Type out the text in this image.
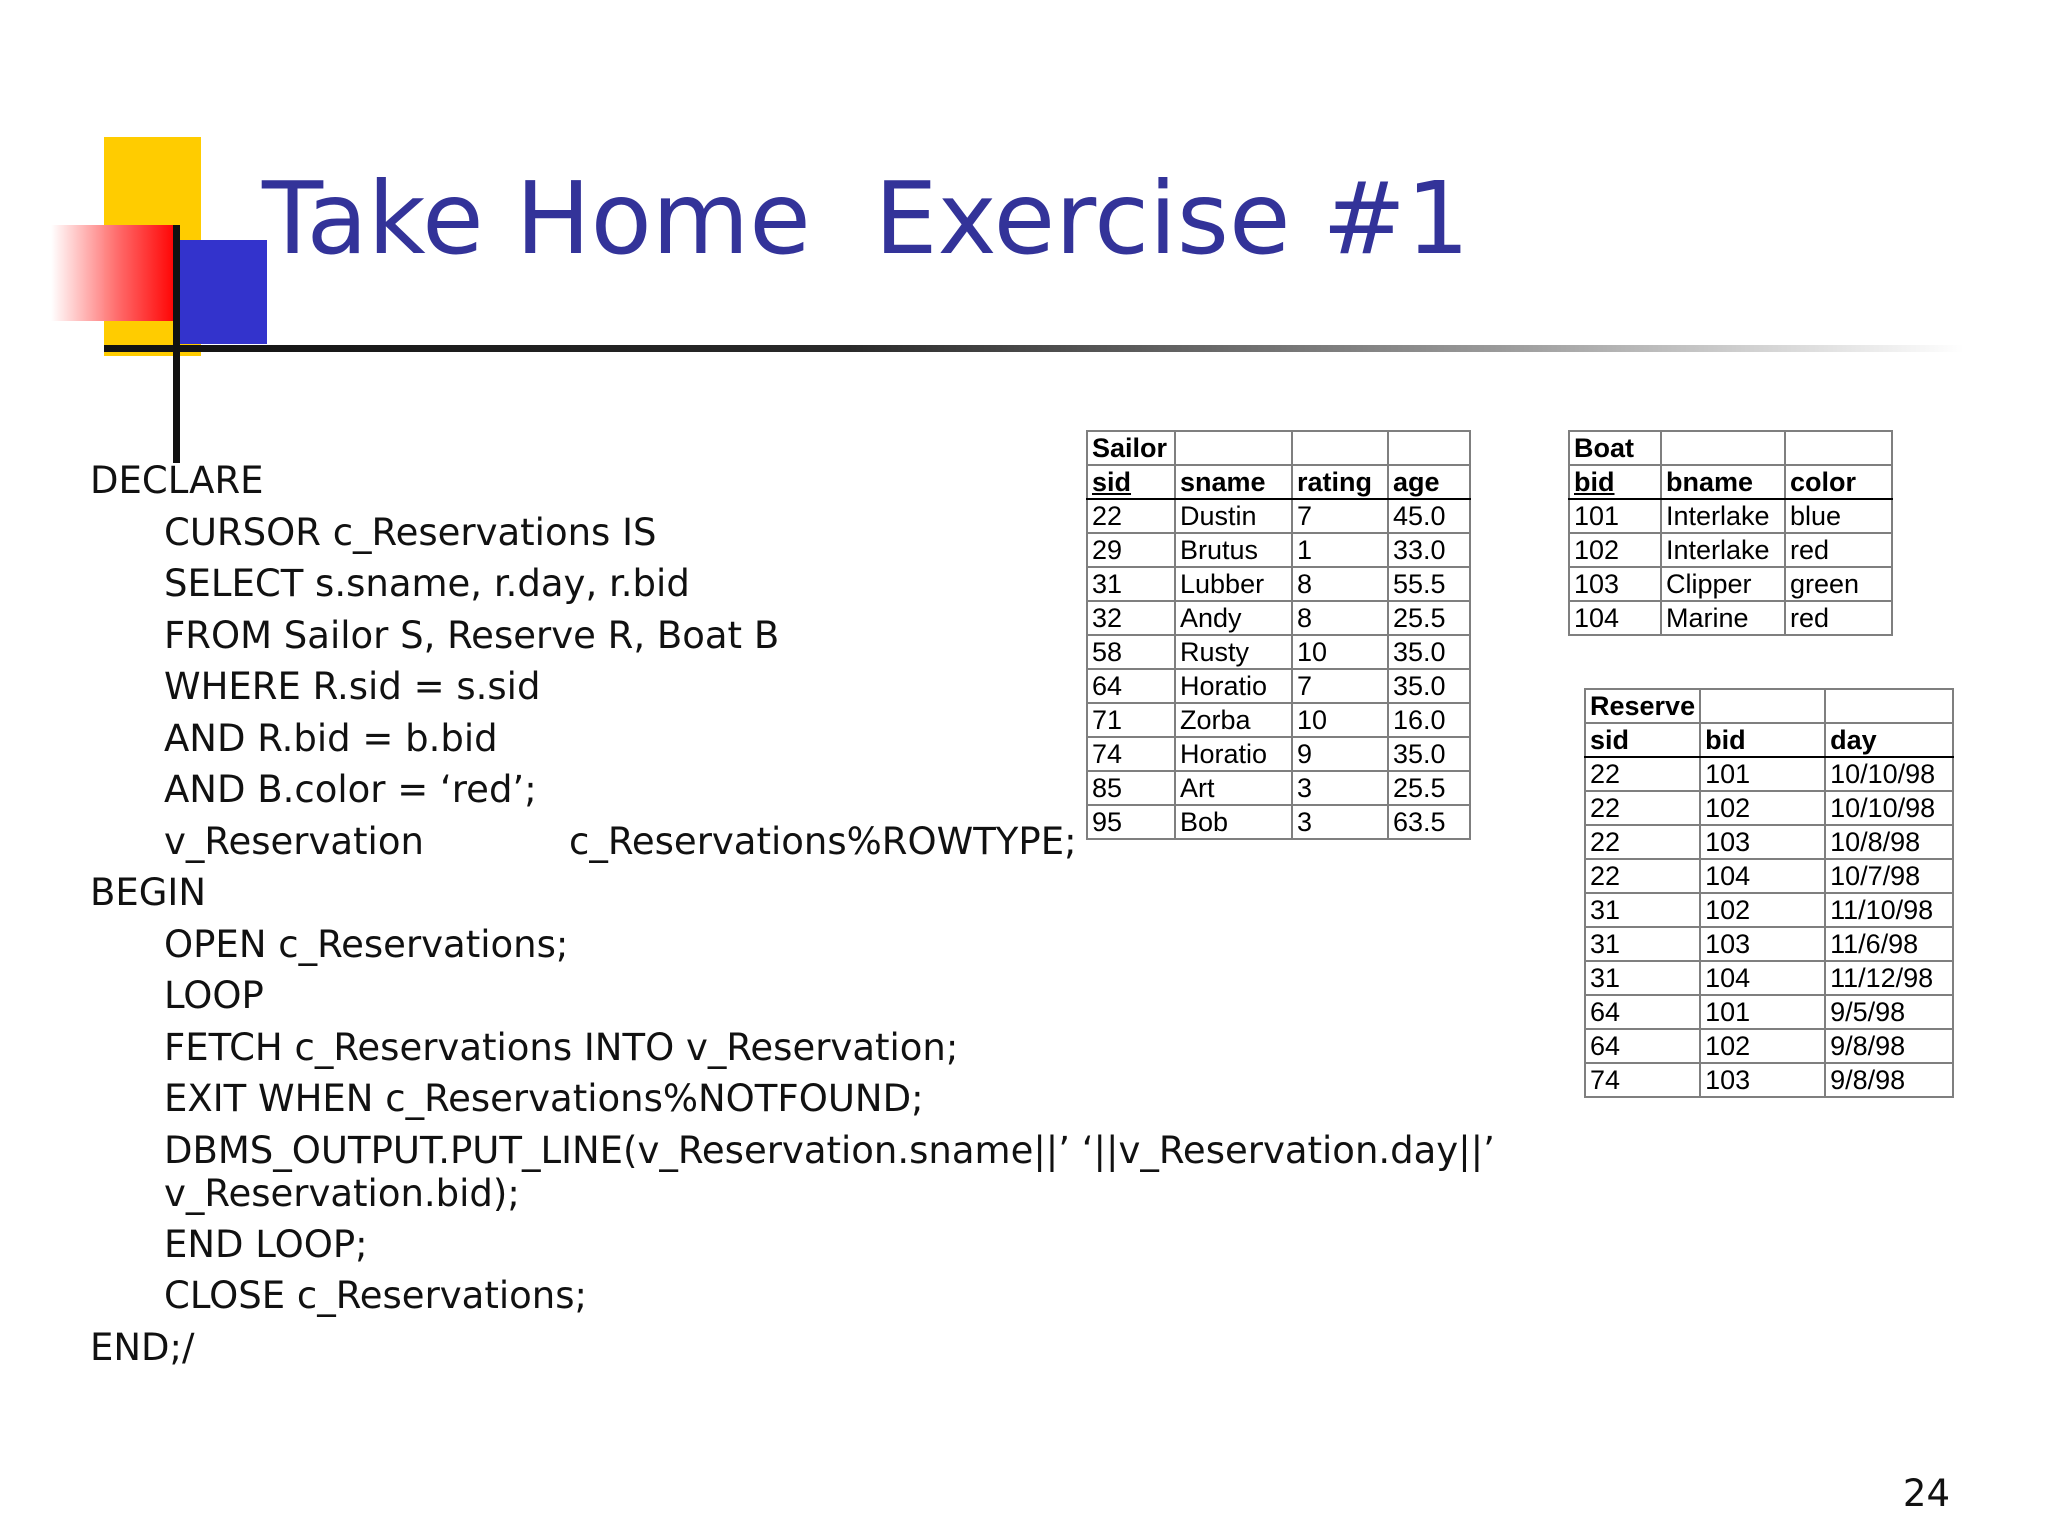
Take Home  Exercise #1
DECLARE
CURSOR c_Reservations IS
SELECT s.sname, r.day, r.bid
FROM Sailor S, Reserve R, Boat B
WHERE R.sid = s.sid
AND R.bid = b.bid
AND B.color = ‘red’;
v_Reservation	c_Reservations%ROWTYPE;
BEGIN
OPEN c_Reservations;
LOOP
FETCH c_Reservations INTO v_Reservation;
EXIT WHEN c_Reservations%NOTFOUND;
DBMS_OUTPUT.PUT_LINE(v_Reservation.sname||’ ‘||v_Reservation.day||’ v_Reservation.bid);
END LOOP;
CLOSE c_Reservations;
END;/
Sailor			
sid	sname	rating	age
22	Dustin	7	45.0
29	Brutus	1	33.0
31	Lubber	8	55.5
32	Andy	8	25.5
58	Rusty	10	35.0
64	Horatio	7	35.0
71	Zorba	10	16.0
74	Horatio	9	35.0
85	Art	3	25.5
95	Bob	3	63.5
Boat		
bid	bname	color
101	Interlake	blue
102	Interlake	red
103	Clipper	green
104	Marine	red
Reserve		
sid	bid	day
22	101	10/10/98
22	102	10/10/98
22	103	10/8/98
22	104	10/7/98
31	102	11/10/98
31	103	11/6/98
31	104	11/12/98
64	101	9/5/98
64	102	9/8/98
74	103	9/8/98
24
